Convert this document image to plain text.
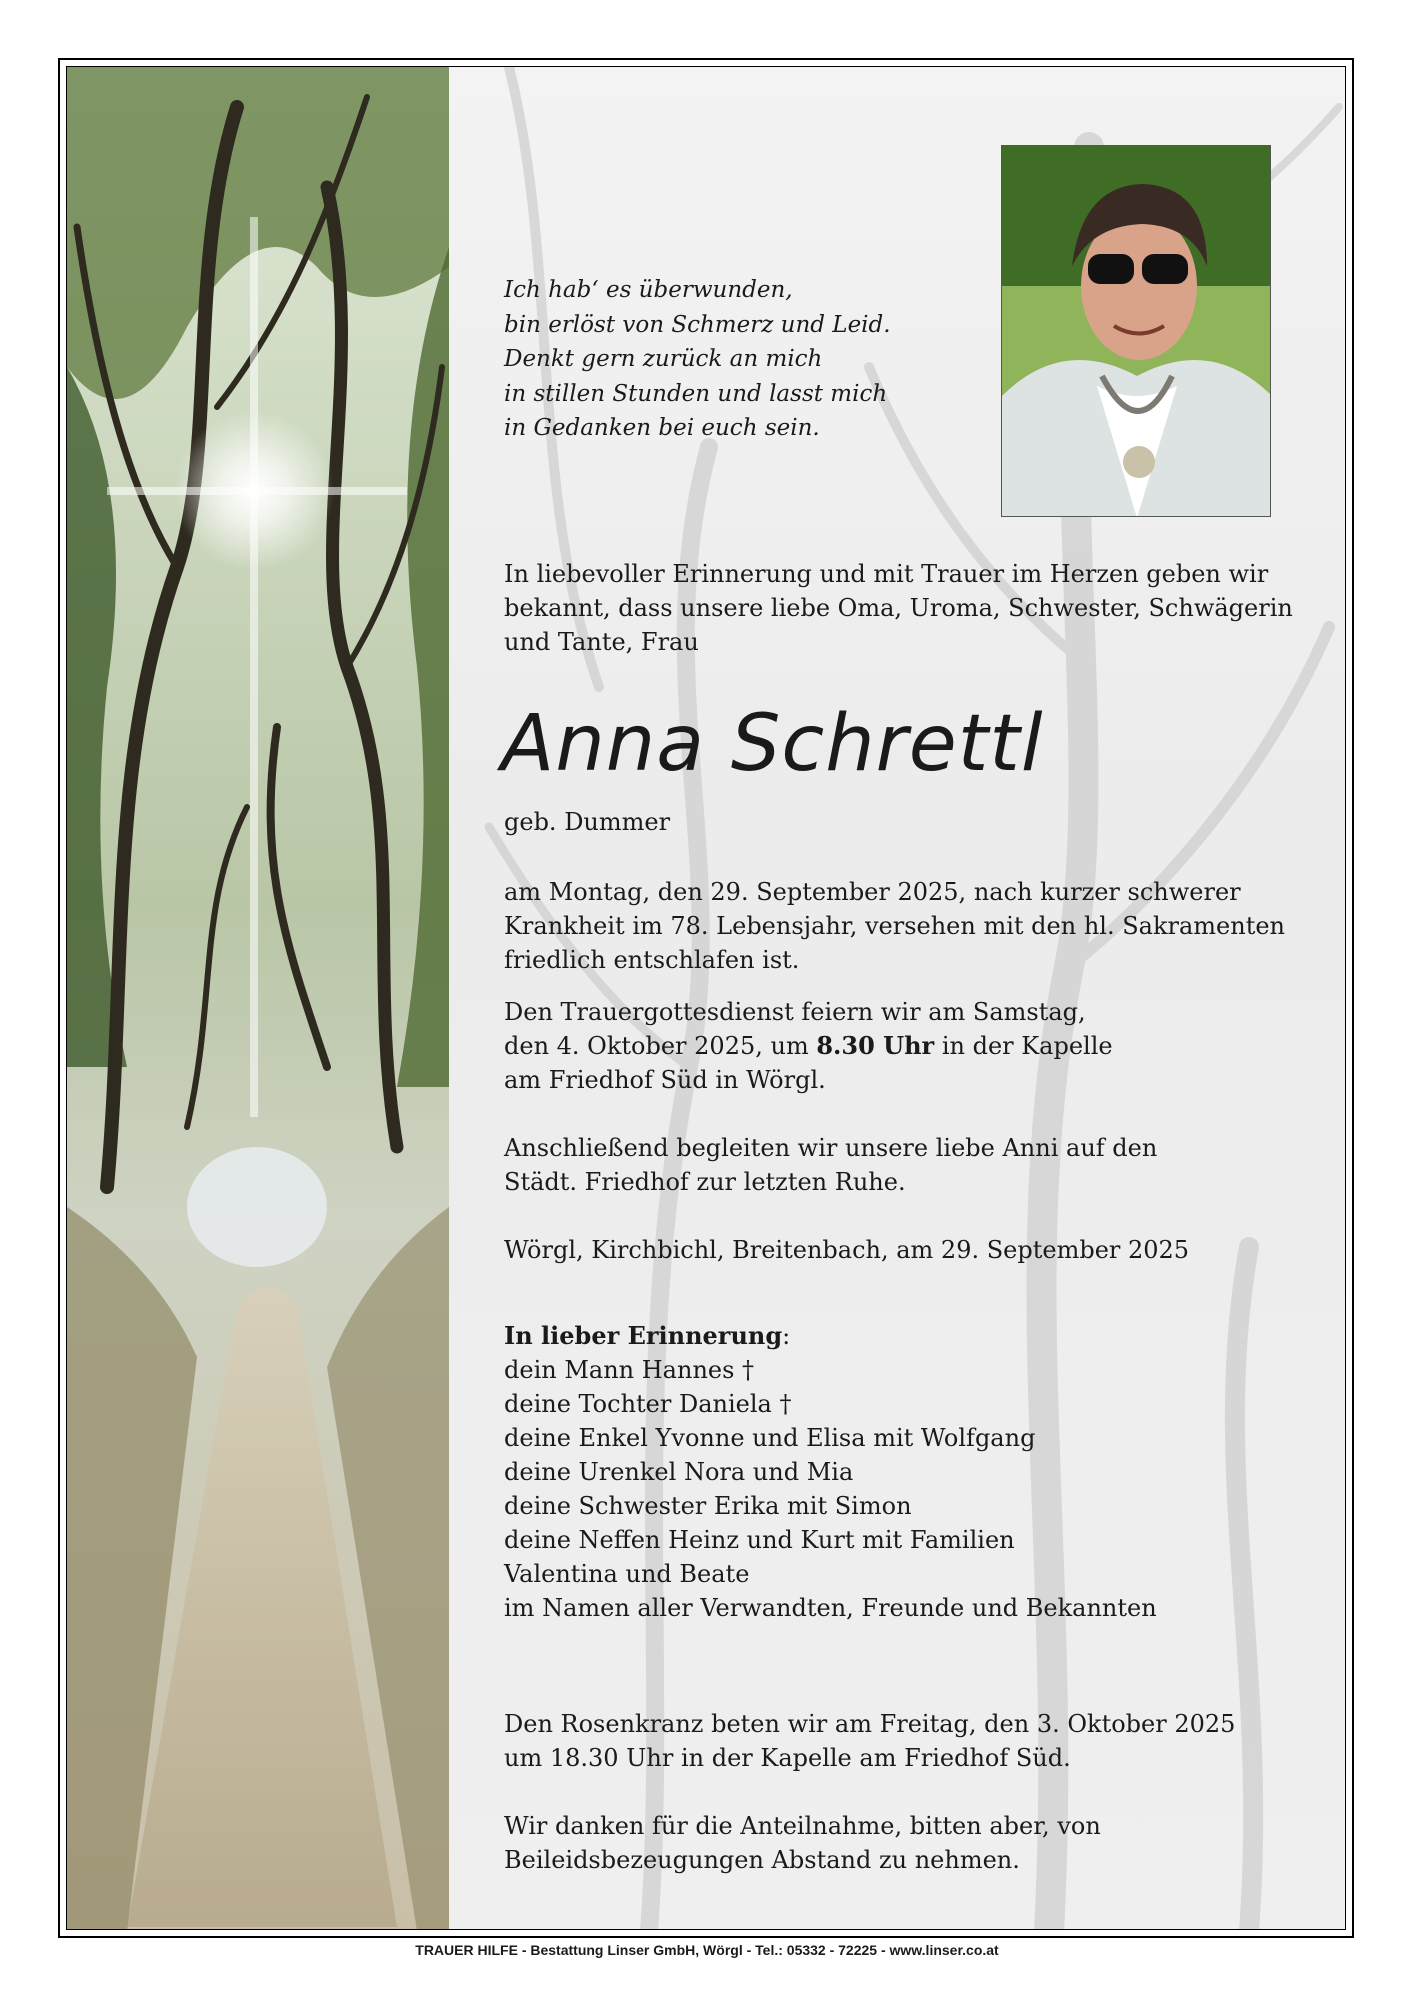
Ich hab‘ es überwunden,

bin erlöst von Schmerz und Leid.

Denkt gern zurück an mich

in stillen Stunden und lasst mich

in Gedanken bei euch sein.

In liebevoller Erinnerung und mit Trauer im Herzen geben wir

bekannt, dass unsere liebe Oma, Uroma, Schwester, Schwägerin

und Tante, Frau

Anna Schrettl
geb. Dummer

am Montag, den 29. September 2025, nach kurzer schwerer

Krankheit im 78. Lebensjahr, versehen mit den hl. Sakramenten

friedlich entschlafen ist.

Den Trauergottesdienst feiern wir am Samstag,

den 4. Oktober 2025, um 8.30 Uhr in der Kapelle

am Friedhof Süd in Wörgl.

Anschließend begleiten wir unsere liebe Anni auf den

Städt. Friedhof zur letzten Ruhe.

Wörgl, Kirchbichl, Breitenbach, am 29. September 2025

In lieber Erinnerung:

dein Mann Hannes †

deine Tochter Daniela †

deine Enkel Yvonne und Elisa mit Wolfgang

deine Urenkel Nora und Mia

deine Schwester Erika mit Simon

deine Neffen Heinz und Kurt mit Familien

Valentina und Beate

im Namen aller Verwandten, Freunde und Bekannten

Den Rosenkranz beten wir am Freitag, den 3. Oktober 2025

um 18.30 Uhr in der Kapelle am Friedhof Süd.

Wir danken für die Anteilnahme, bitten aber, von

Beileidsbezeugungen Abstand zu nehmen.

TRAUER HILFE - Bestattung Linser GmbH, Wörgl - Tel.: 05332 - 72225 - www.linser.co.at
